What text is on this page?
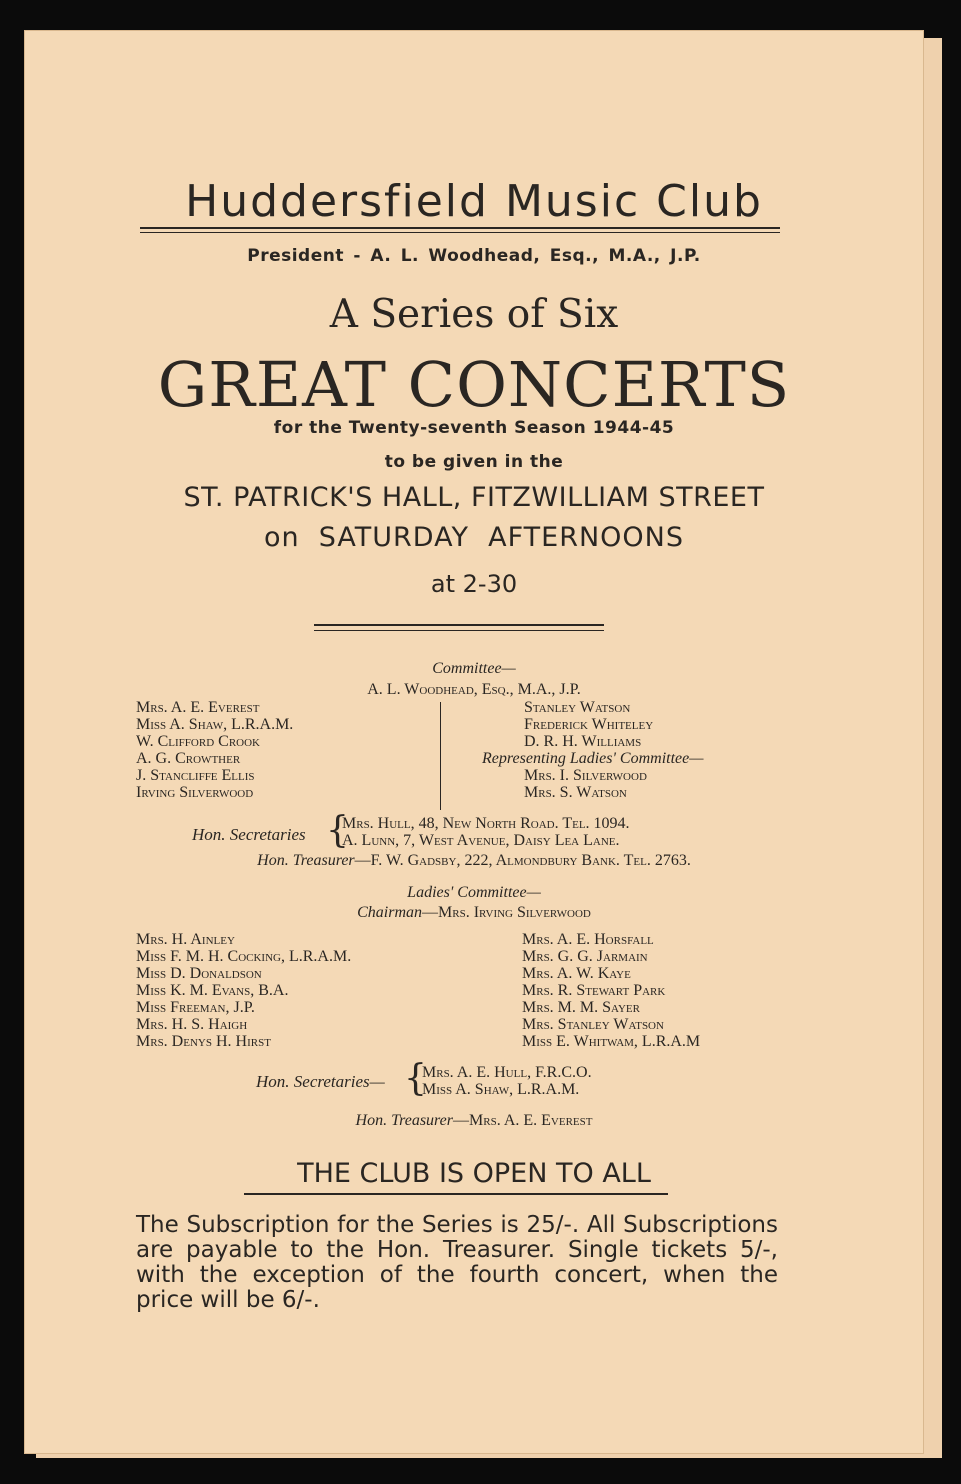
Huddersfield Music Club
President - A. L. Woodhead, Esq., M.A., J.P.
A Series of Six
GREAT CONCERTS
for the Twenty-seventh Season 1944-45
to be given in the
ST. PATRICK'S HALL, FITZWILLIAM STREET
on  SATURDAY  AFTERNOONS
at 2-30
Committee—
A. L. Woodhead, Esq., M.A., J.P.
Mrs. A. E. Everest
Miss A. Shaw, L.R.A.M.
W. Clifford Crook
A. G. Crowther
J. Stancliffe Ellis
Irving Silverwood
Stanley Watson
Frederick Whiteley
D. R. H. Williams
Representing Ladies' Committee—
Mrs. I. Silverwood
Mrs. S. Watson
Hon. Secretaries {
Mrs. Hull, 48, New North Road. Tel. 1094.
A. Lunn, 7, West Avenue, Daisy Lea Lane.
Hon. Treasurer—F. W. Gadsby, 222, Almondbury Bank. Tel. 2763.
Ladies' Committee—
Chairman—Mrs. Irving Silverwood
Mrs. H. Ainley
Miss F. M. H. Cocking, L.R.A.M.
Miss D. Donaldson
Miss K. M. Evans, B.A.
Miss Freeman, J.P.
Mrs. H. S. Haigh
Mrs. Denys H. Hirst
Mrs. A. E. Horsfall
Mrs. G. G. Jarmain
Mrs. A. W. Kaye
Mrs. R. Stewart Park
Mrs. M. M. Sayer
Mrs. Stanley Watson
Miss E. Whitwam, L.R.A.M
Hon. Secretaries— {
Mrs. A. E. Hull, F.R.C.O.
Miss A. Shaw, L.R.A.M.
Hon. Treasurer—Mrs. A. E. Everest
THE CLUB IS OPEN TO ALL
The Subscription for the Series is 25/-. All Subscriptions are payable to the Hon. Treasurer. Single tickets 5/-, with the exception of the fourth concert, when the price will be 6/-.
